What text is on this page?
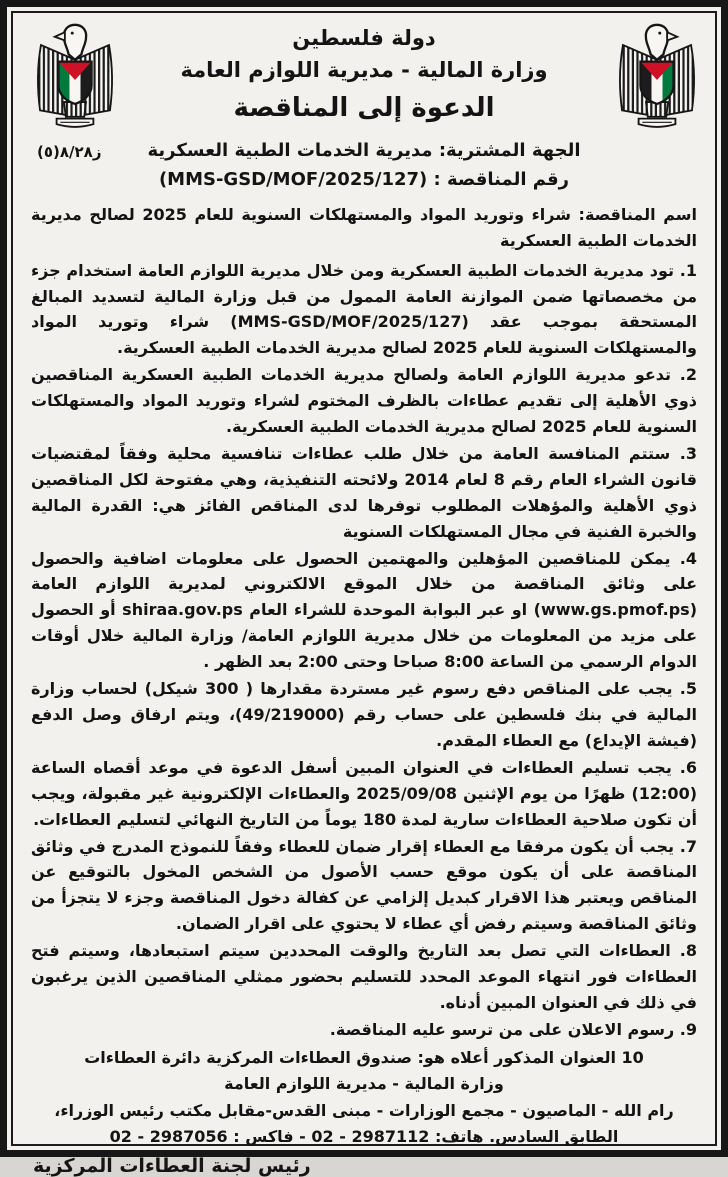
ز٨/٢٨(٥)
دولة فلسطين
وزارة المالية - مديرية اللوازم العامة
الدعوة إلى المناقصة
الجهة المشترية: مديرية الخدمات الطبية العسكرية
رقم المناقصة : (MMS-GSD/MOF/2025/127)
اسم المناقصة: شراء وتوريد المواد والمستهلكات السنوية للعام 2025 لصالح مديرية الخدمات الطبية العسكرية

1. تود مديرية الخدمات الطبية العسكرية ومن خلال مديرية اللوازم العامة استخدام جزء من مخصصاتها ضمن الموازنة العامة الممول من قبل وزارة المالية لتسديد المبالغ المستحقة بموجب عقد (MMS-GSD/MOF/2025/127) شراء وتوريد المواد والمستهلكات السنوية للعام 2025 لصالح مديرية الخدمات الطبية العسكرية.

2. تدعو مديرية اللوازم العامة ولصالح مديرية الخدمات الطبية العسكرية المناقصين ذوي الأهلية إلى تقديم عطاءات بالظرف المختوم لشراء وتوريد المواد والمستهلكات السنوية للعام 2025 لصالح مديرية الخدمات الطبية العسكرية.

3. ستتم المنافسة العامة من خلال طلب عطاءات تنافسية محلية وفقاً لمقتضيات قانون الشراء العام رقم 8 لعام 2014 ولائحته التنفيذية، وهي مفتوحة لكل المناقصين ذوي الأهلية والمؤهلات المطلوب توفرها لدى المناقص الفائز هي: القدرة المالية والخبرة الفنية في مجال المستهلكات السنوية

4. يمكن للمناقصين المؤهلين والمهتمين الحصول على معلومات اضافية والحصول على وثائق المناقصة من خلال الموقع الالكتروني لمديرية اللوازم العامة (www.gs.pmof.ps) او عبر البوابة الموحدة للشراء العام shiraa.gov.ps أو الحصول على مزيد من المعلومات من خلال مديرية اللوازم العامة/ وزارة المالية خلال أوقات الدوام الرسمي من الساعة 8:00 صباحا وحتى 2:00 بعد الظهر .

5. يجب على المناقص دفع رسوم غير مستردة مقدارها ( 300 شيكل) لحساب وزارة المالية في بنك فلسطين على حساب رقم (49/219000)، ويتم ارفاق وصل الدفع (فيشة الإيداع) مع العطاء المقدم.

6. يجب تسليم العطاءات في العنوان المبين أسفل الدعوة في موعد أقصاه الساعة (12:00) ظهرًا من يوم الإثنين 2025/09/08 والعطاءات الإلكترونية غير مقبولة، ويجب أن تكون صلاحية العطاءات سارية لمدة 180 يوماً من التاريخ النهائي لتسليم العطاءات.

7. يجب أن يكون مرفقا مع العطاء إقرار ضمان للعطاء وفقاً للنموذج المدرج في وثائق المناقصة على أن يكون موقع حسب الأصول من الشخص المخول بالتوقيع عن المناقص ويعتبر هذا الاقرار كبديل إلزامي عن كفالة دخول المناقصة وجزء لا يتجزأ من وثائق المناقصة وسيتم رفض أي عطاء لا يحتوي على اقرار الضمان.

8. العطاءات التي تصل بعد التاريخ والوقت المحددين سيتم استبعادها، وسيتم فتح العطاءات فور انتهاء الموعد المحدد للتسليم بحضور ممثلي المناقصين الذين يرغبون في ذلك في العنوان المبين أدناه.

9. رسوم الاعلان على من ترسو عليه المناقصة.

10 العنوان المذكور أعلاه هو: صندوق العطاءات المركزية دائرة العطاءات
وزارة المالية - مديرية اللوازم العامة
رام الله - الماصيون - مجمع الوزارات - مبنى القدس-مقابل مكتب رئيس الوزراء، الطابق السادس. هاتف: 2987112 - 02 - فاكس : 2987056 - 02
رئيس لجنة العطاءات المركزية
